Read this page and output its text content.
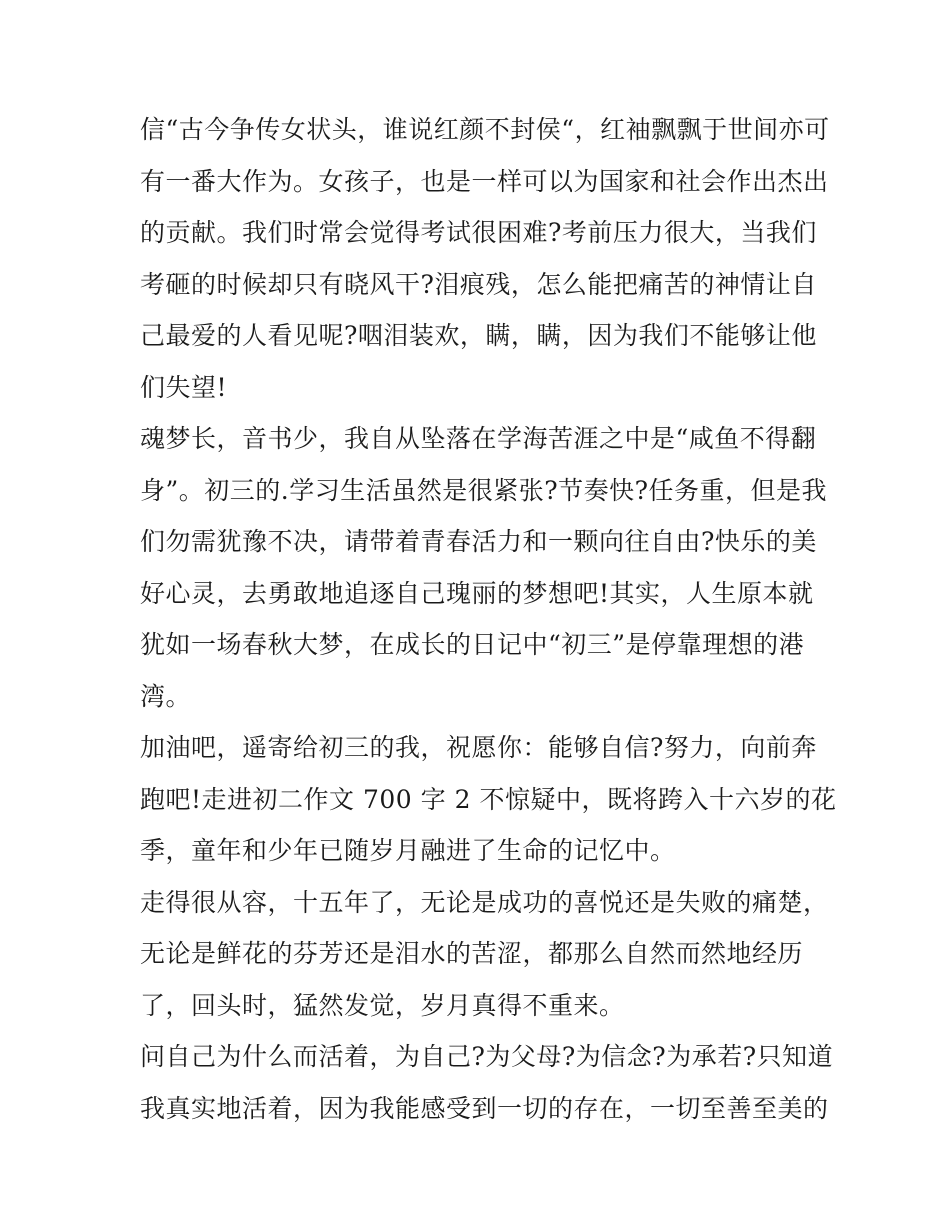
信“古今争传女状头，谁说红颜不封侯“，红袖飘飘于世间亦可
有一番大作为。女孩子，也是一样可以为国家和社会作出杰出
的贡献。我们时常会觉得考试很困难?考前压力很大，当我们
考砸的时候却只有晓风干?泪痕残，怎么能把痛苦的神情让自
己最爱的人看见呢?咽泪装欢，瞒，瞒，因为我们不能够让他
们失望!
魂梦长，音书少，我自从坠落在学海苦涯之中是“咸鱼不得翻
身”。初三的.学习生活虽然是很紧张?节奏快?任务重，但是我
们勿需犹豫不决，请带着青春活力和一颗向往自由?快乐的美
好心灵，去勇敢地追逐自己瑰丽的梦想吧!其实，人生原本就
犹如一场春秋大梦，在成长的日记中“初三”是停靠理想的港
湾。
加油吧，遥寄给初三的我，祝愿你：能够自信?努力，向前奔
跑吧!走进初二作文 700 字 2 不惊疑中，既将跨入十六岁的花
季，童年和少年已随岁月融进了生命的记忆中。
走得很从容，十五年了，无论是成功的喜悦还是失败的痛楚，
无论是鲜花的芬芳还是泪水的苦涩，都那么自然而然地经历
了，回头时，猛然发觉，岁月真得不重来。
问自己为什么而活着，为自己?为父母?为信念?为承若?只知道
我真实地活着，因为我能感受到一切的存在，一切至善至美的
